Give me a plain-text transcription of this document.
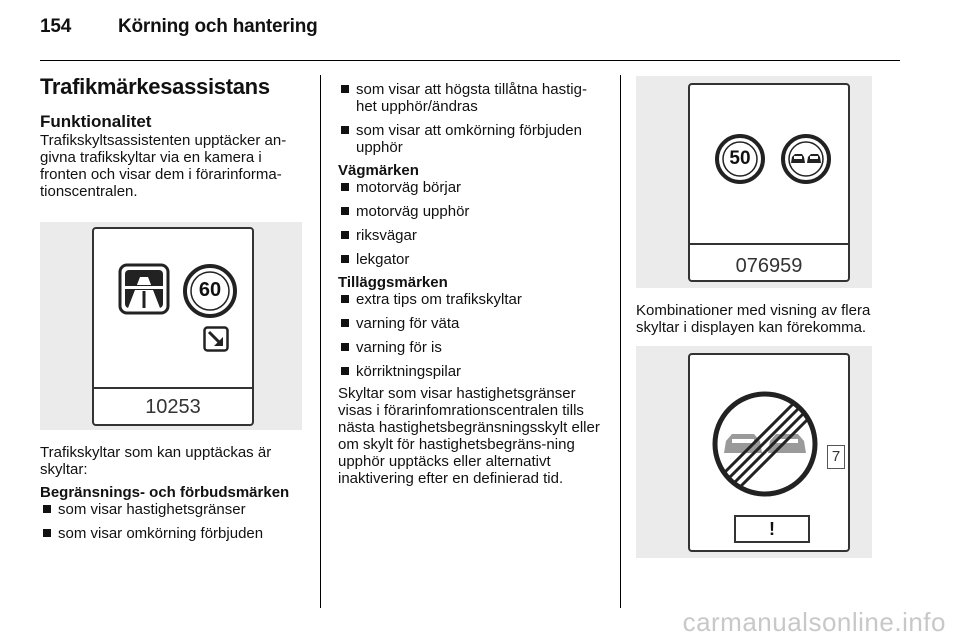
154 Körning och hantering
Trafikmärkesassistans
Funktionalitet

Trafikskyltsassistenten upptäcker an-givna trafikskyltar via en kamera i fronten och visar dem i förarinforma-tionscentralen.

60
10253

Trafikskyltar som kan upptäckas är skyltar:

Begränsnings- och förbudsmärken
som visar hastighetsgränser
som visar omkörning förbjuden
som visar att högsta tillåtna hastig-het upphör/ändras
som visar att omkörning förbjuden upphör
Vägmärken
motorväg börjar
motorväg upphör
riksvägar
lekgator
Tilläggsmärken
extra tips om trafikskyltar
varning för väta
varning för is
körriktningspilar

Skyltar som visar hastighetsgränser visas i förarinfomrationscentralen tills nästa hastighetsbegränsningsskylt eller om skylt för hastighetsbegräns-ning upphör upptäcks eller alternativt inaktivering efter en definierad tid.

50
076959

Kombinationer med visning av flera skyltar i displayen kan förekomma.

7
!
carmanualsonline.info
